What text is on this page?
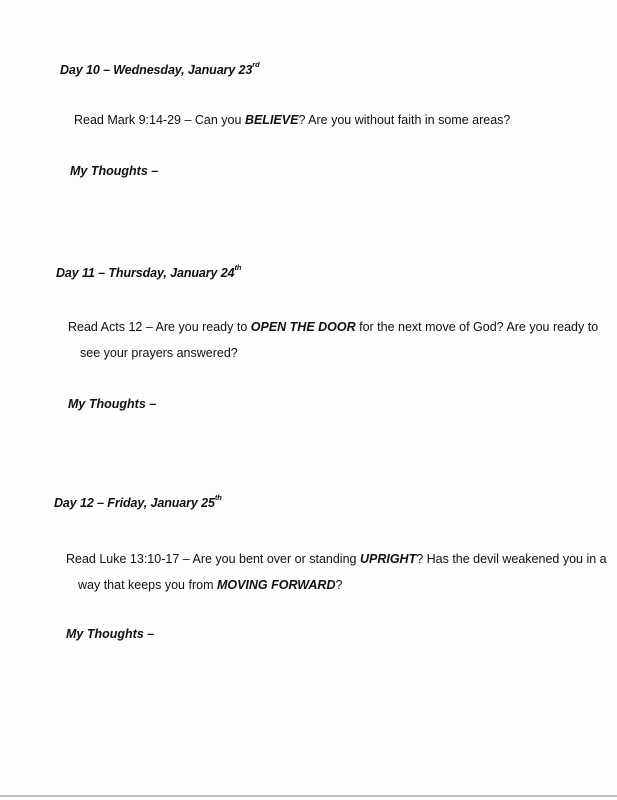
Day 10 – Wednesday, January 23rd
Read Mark 9:14-29 – Can you BELIEVE? Are you without faith in some areas?
My Thoughts –
Day 11 – Thursday, January 24th
Read Acts 12 – Are you ready to OPEN THE DOOR for the next move of God? Are you ready to
see your prayers answered?
My Thoughts –
Day 12 – Friday, January 25th
Read Luke 13:10-17 – Are you bent over or standing UPRIGHT? Has the devil weakened you in a
way that keeps you from MOVING FORWARD?
My Thoughts –
